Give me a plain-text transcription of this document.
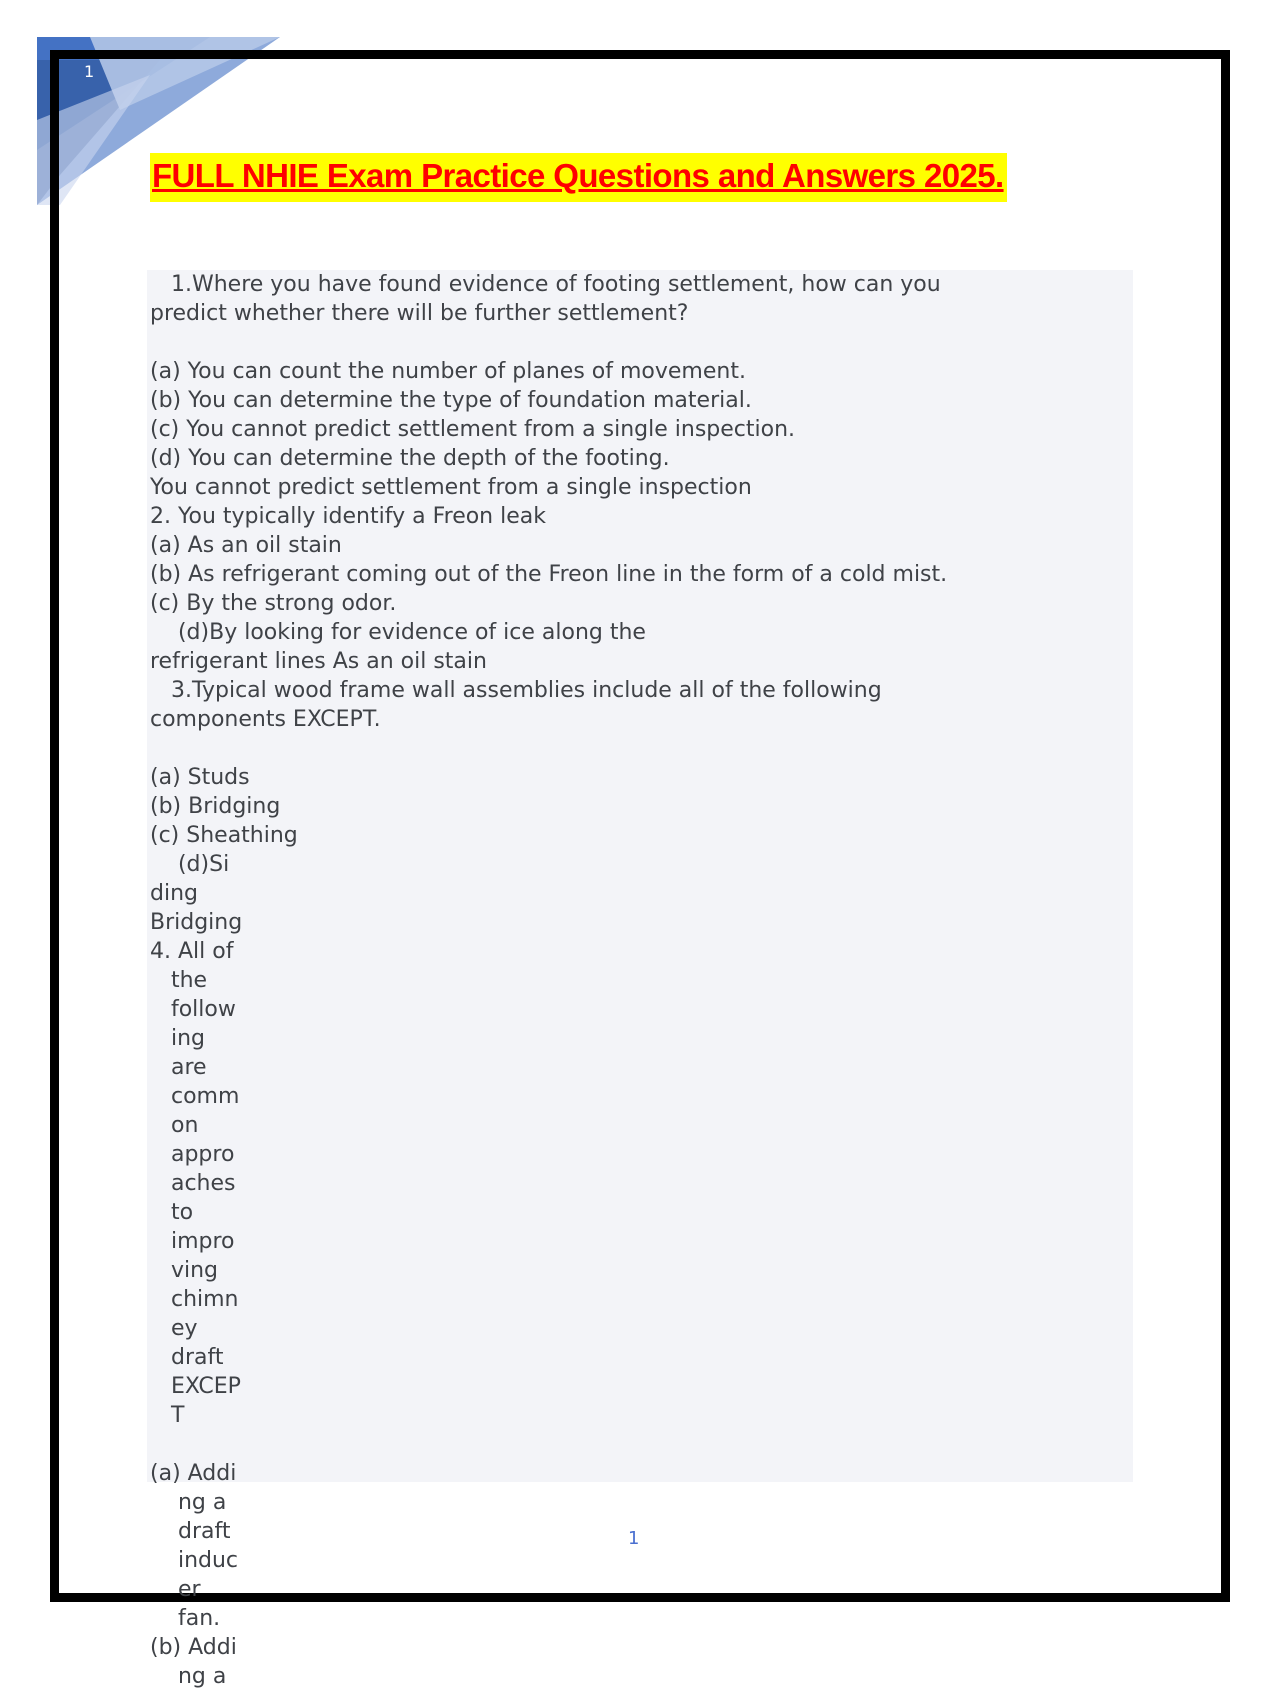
1
FULL NHIE Exam Practice Questions and Answers 2025.
1.Where you have found evidence of footing settlement, how can you
predict whether there will be further settlement?
(a) You can count the number of planes of movement.
(b) You can determine the type of foundation material.
(c) You cannot predict settlement from a single inspection.
(d) You can determine the depth of the footing.
You cannot predict settlement from a single inspection
2. You typically identify a Freon leak
(a) As an oil stain
(b) As refrigerant coming out of the Freon line in the form of a cold mist.
(c) By the strong odor.
(d)By looking for evidence of ice along the
refrigerant lines As an oil stain
3.Typical wood frame wall assemblies include all of the following
components EXCEPT.
(a) Studs
(b) Bridging
(c) Sheathing
(d)Si
ding
Bridging
4. All of
the
follow
ing
are
comm
on
appro
aches
to
impro
ving
chimn
ey
draft
EXCEP
T
(a) Addi
ng a
draft
induc
er
fan.
(b) Addi
ng a
1
